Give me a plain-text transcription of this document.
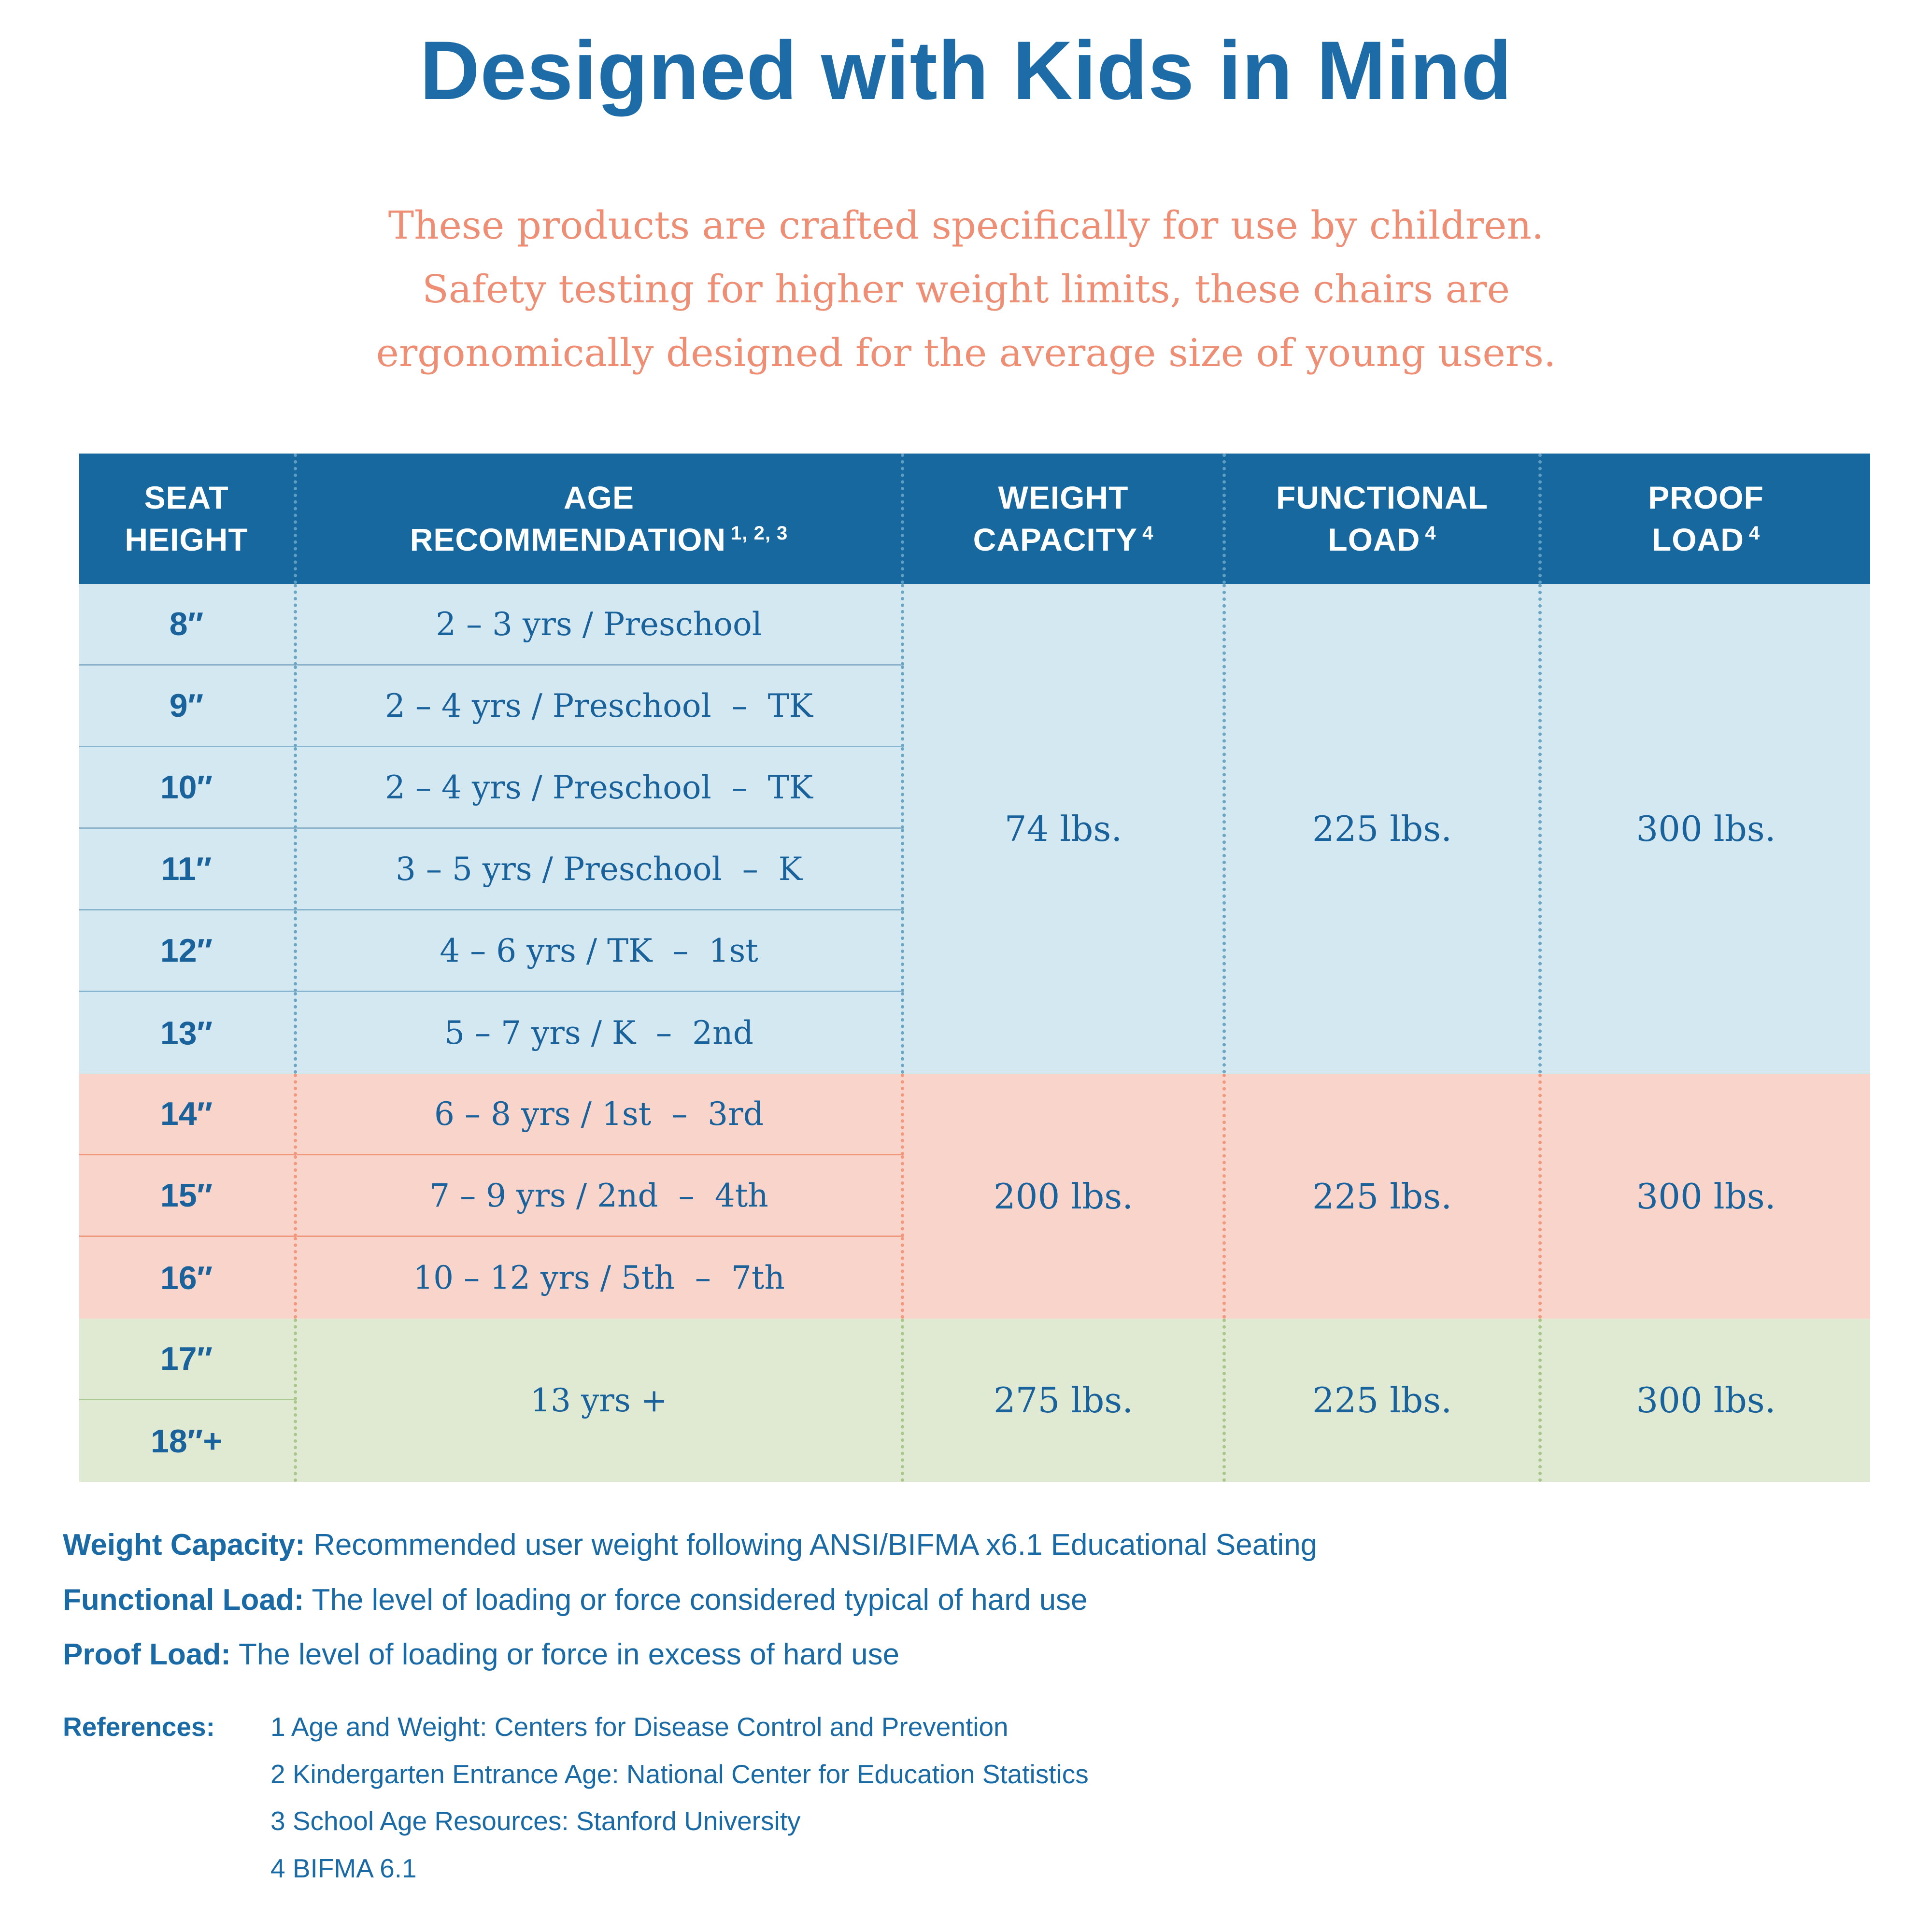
Designed with Kids in Mind
These products are crafted specifically for use by children.
Safety testing for higher weight limits, these chairs are
ergonomically designed for the average size of young users.
SEAT
HEIGHT
AGE
RECOMMENDATION $^{1, 2, 3}$
WEIGHT
CAPACITY $^4$
FUNCTIONAL
LOAD $^4$
PROOF
LOAD $^4$
8″
9″
10″
11″
12″
13″
14″
15″
16″
17″
18″+
2 – 3 yrs / Preschool
2 – 4 yrs / Preschool  –  TK
2 – 4 yrs / Preschool  –  TK
3 – 5 yrs / Preschool  –  K
4 – 6 yrs / TK  –  1st
5 – 7 yrs / K  –  2nd
6 – 8 yrs / 1st  –  3rd
7 – 9 yrs / 2nd  –  4th
10 – 12 yrs / 5th  –  7th
13 yrs +
74 lbs.
200 lbs.
275 lbs.
225 lbs.
225 lbs.
225 lbs.
300 lbs.
300 lbs.
300 lbs.
Weight Capacity: Recommended user weight following ANSI/BIFMA x6.1 Educational Seating
Functional Load: The level of loading or force considered typical of hard use
Proof Load: The level of loading or force in excess of hard use
References:	1 Age and Weight: Centers for Disease Control and Prevention
2 Kindergarten Entrance Age: National Center for Education Statistics
3 School Age Resources: Stanford University
4 BIFMA 6.1
